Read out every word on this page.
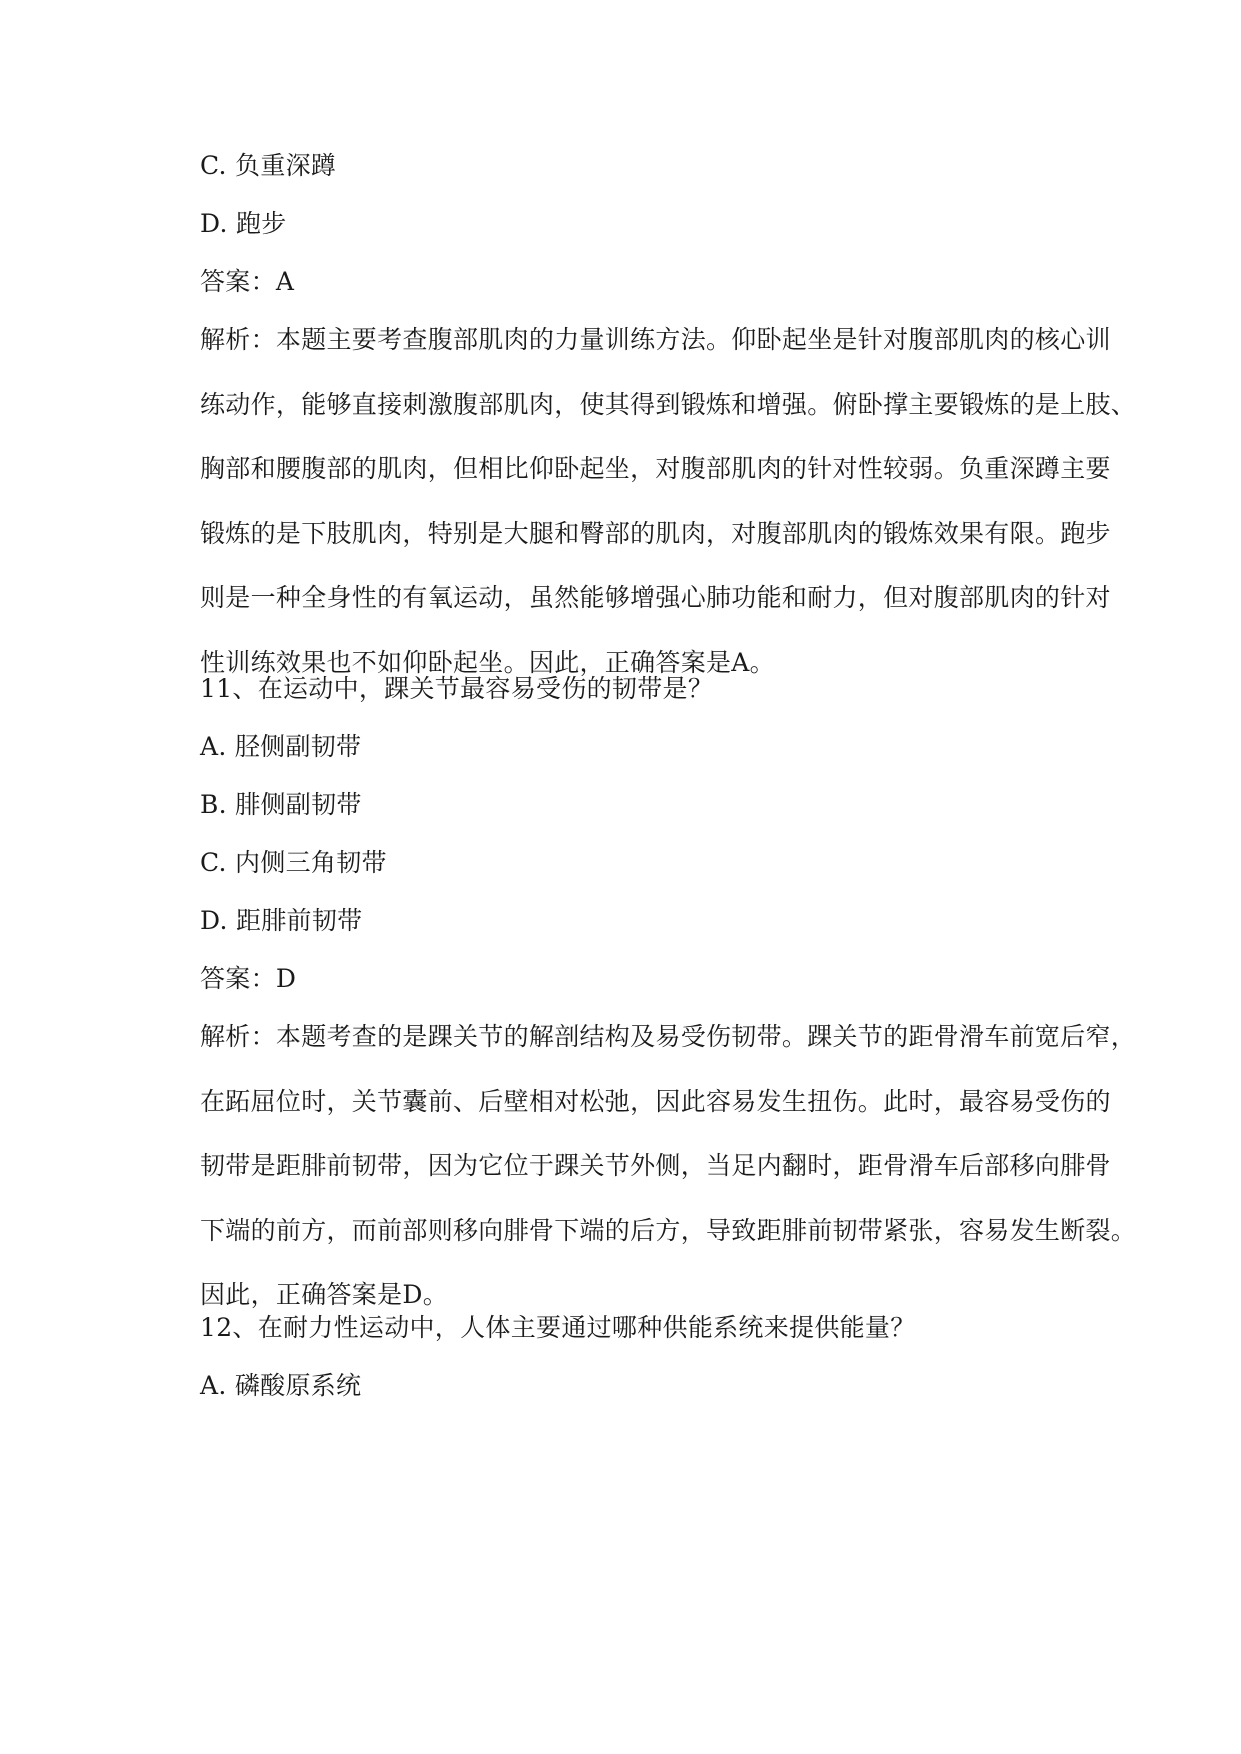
C. 负重深蹲
D. 跑步
答案：A
解析：本题主要考查腹部肌肉的力量训练方法。仰卧起坐是针对腹部肌肉的核心训
练动作，能够直接刺激腹部肌肉，使其得到锻炼和增强。俯卧撑主要锻炼的是上肢、
胸部和腰腹部的肌肉，但相比仰卧起坐，对腹部肌肉的针对性较弱。负重深蹲主要
锻炼的是下肢肌肉，特别是大腿和臀部的肌肉，对腹部肌肉的锻炼效果有限。跑步
则是一种全身性的有氧运动，虽然能够增强心肺功能和耐力，但对腹部肌肉的针对
性训练效果也不如仰卧起坐。因此，正确答案是A。
11、在运动中，踝关节最容易受伤的韧带是？
A. 胫侧副韧带
B. 腓侧副韧带
C. 内侧三角韧带
D. 距腓前韧带
答案：D
解析：本题考查的是踝关节的解剖结构及易受伤韧带。踝关节的距骨滑车前宽后窄，
在跖屈位时，关节囊前、后壁相对松弛，因此容易发生扭伤。此时，最容易受伤的
韧带是距腓前韧带，因为它位于踝关节外侧，当足内翻时，距骨滑车后部移向腓骨
下端的前方，而前部则移向腓骨下端的后方，导致距腓前韧带紧张，容易发生断裂。
因此，正确答案是D。
12、在耐力性运动中，人体主要通过哪种供能系统来提供能量？
A. 磷酸原系统
